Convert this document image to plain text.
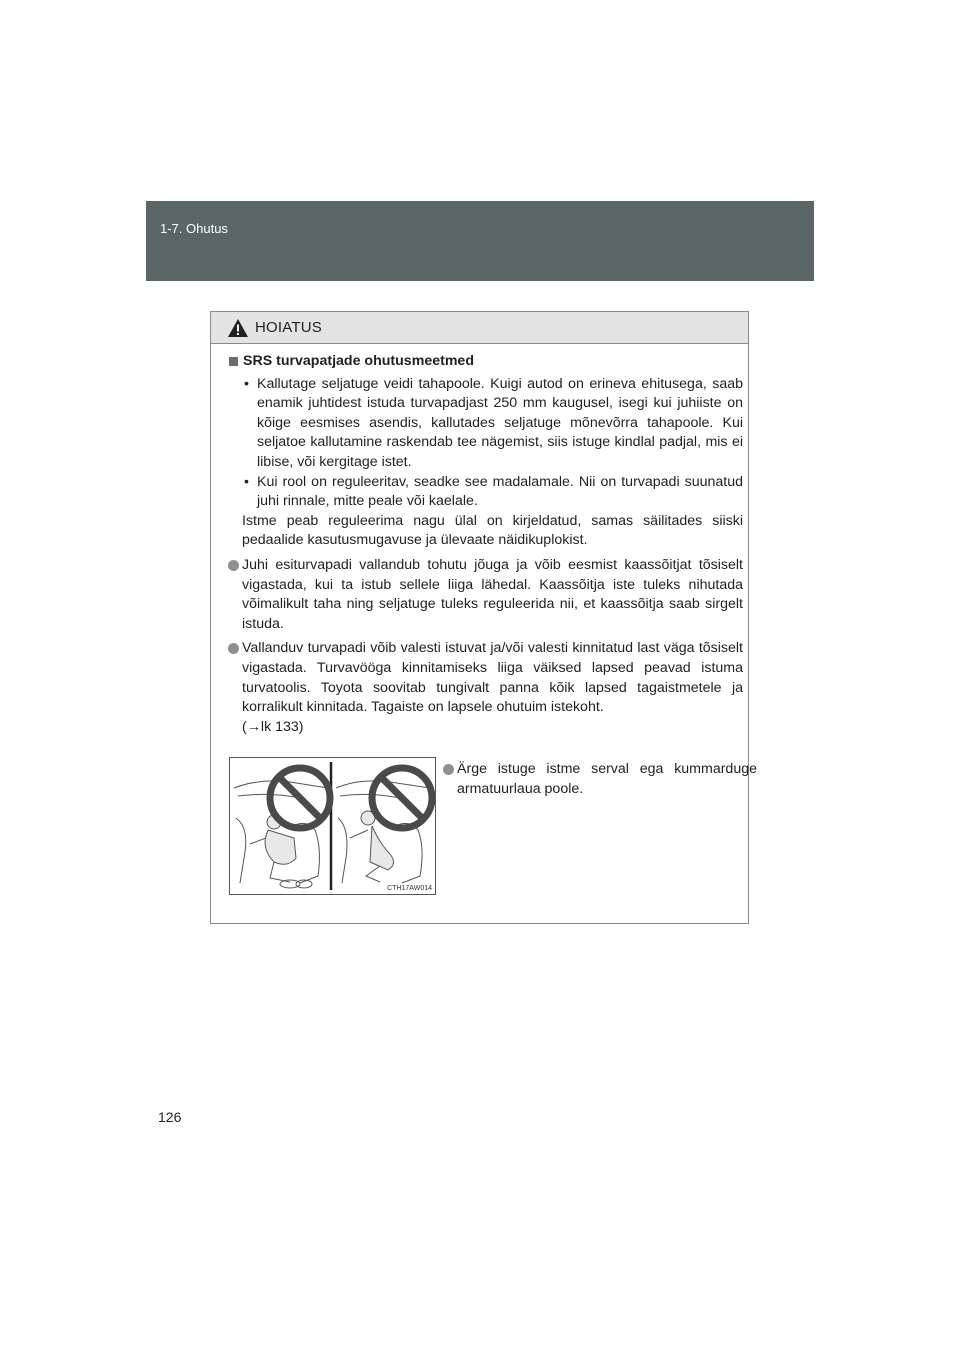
1-7. Ohutus
HOIATUS
SRS turvapatjade ohutusmeetmed
• Kallutage seljatuge veidi tahapoole. Kuigi autod on erineva ehitusega, saab enamik juhtidest istuda turvapadjast 250 mm kaugusel, isegi kui juhiiste on kõige eesmises asendis, kallutades seljatuge mõnevõrra tahapoole. Kui seljatoe kallutamine raskendab tee nägemist, siis istuge kindlal padjal, mis ei libise, või kergitage istet.
• Kui rool on reguleeritav, seadke see madalamale. Nii on turvapadi suunatud juhi rinnale, mitte peale või kaelale.
Istme peab reguleerima nagu ülal on kirjeldatud, samas säilitades siiski pedaalide kasutusmugavuse ja ülevaate näidikuplokist.
Juhi esiturvapadi vallandub tohutu jõuga ja võib eesmist kaassõitjat tõsiselt vigastada, kui ta istub sellele liiga lähedal. Kaassõitja iste tuleks nihutada võimalikult taha ning seljatuge tuleks reguleerida nii, et kaassõitja saab sirgelt istuda.
Vallanduv turvapadi võib valesti istuvat ja/või valesti kinnitatud last väga tõsiselt vigastada. Turvavööga kinnitamiseks liiga väiksed lapsed peavad istuma turvatoolis. Toyota soovitab tungivalt panna kõik lapsed tagaistmetele ja korralikult kinnitada. Tagaiste on lapsele ohutuim istekoht.
(→lk 133)
CTH17AW014
Ärge istuge istme serval ega kummarduge armatuurlaua poole.
126
